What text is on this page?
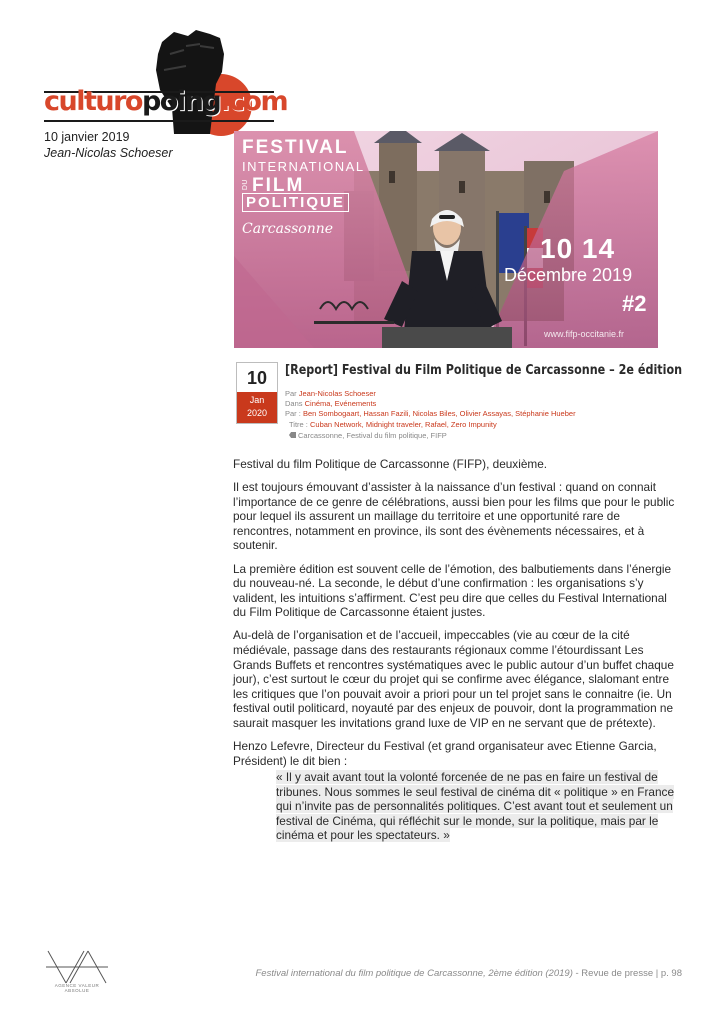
culturopoing.com
10 janvier 2019
Jean-Nicolas Schoeser	FESTIVAL
INTERNATIONAL
DU FILM
POLITIQUE
Carcassonne
10 14
Décembre 2019
#2
www.fifp-occitanie.fr
10
Jan
2020
[Report] Festival du Film Politique de Carcassonne – 2e édition
Par Jean-Nicolas Schoeser
Dans Cinéma, Evénements
Par : Ben Sombogaart, Hassan Fazili, Nicolas Biles, Olivier Assayas, Stéphanie Hueber
Titre : Cuban Network, Midnight traveler, Rafael, Zero Impunity
Carcassonne, Festival du film politique, FIFP

Festival du film Politique de Carcassonne (FIFP), deuxième.

Il est toujours émouvant d’assister à la naissance d’un festival : quand on connait l’importance de ce genre de célébrations, aussi bien pour les films que pour le public pour lequel ils assurent un maillage du territoire et une opportunité rare de rencontres, notamment en province, ils sont des évènements nécessaires, et à soutenir.

La première édition est souvent celle de l’émotion, des balbutiements dans l’énergie du nouveau-né. La seconde, le début d’une confirmation : les organisations s’y valident, les intuitions s’affirment. C’est peu dire que celles du Festival International du Film Politique de Carcassonne étaient justes.

Au-delà de l’organisation et de l’accueil, impeccables (vie au cœur de la cité médiévale, passage dans des restaurants régionaux comme l’étourdissant Les Grands Buffets et rencontres systématiques avec le public autour d’un buffet chaque jour), c’est surtout le cœur du projet qui se confirme avec élégance, slalomant entre les critiques que l’on pouvait avoir a priori pour un tel projet sans le connaitre (ie. Un festival outil politicard, noyauté par des enjeux de pouvoir, dont la programmation ne saurait masquer les invitations grand luxe de VIP en ne servant que de prétexte).

Henzo Lefevre, Directeur du Festival (et grand organisateur avec Etienne Garcia, Président) le dit bien :

« Il y avait avant tout la volonté forcenée de ne pas en faire un festival de tribunes. Nous sommes le seul festival de cinéma dit « politique » en France qui n’invite pas de personnalités politiques. C’est avant tout et seulement un festival de Cinéma, qui réfléchit sur le monde, sur la politique, mais par le cinéma et pour les spectateurs. »
AGENCE VALEUR ABSOLUE
Festival international du film politique de Carcassonne, 2ème édition (2019) - Revue de presse | p. 98
